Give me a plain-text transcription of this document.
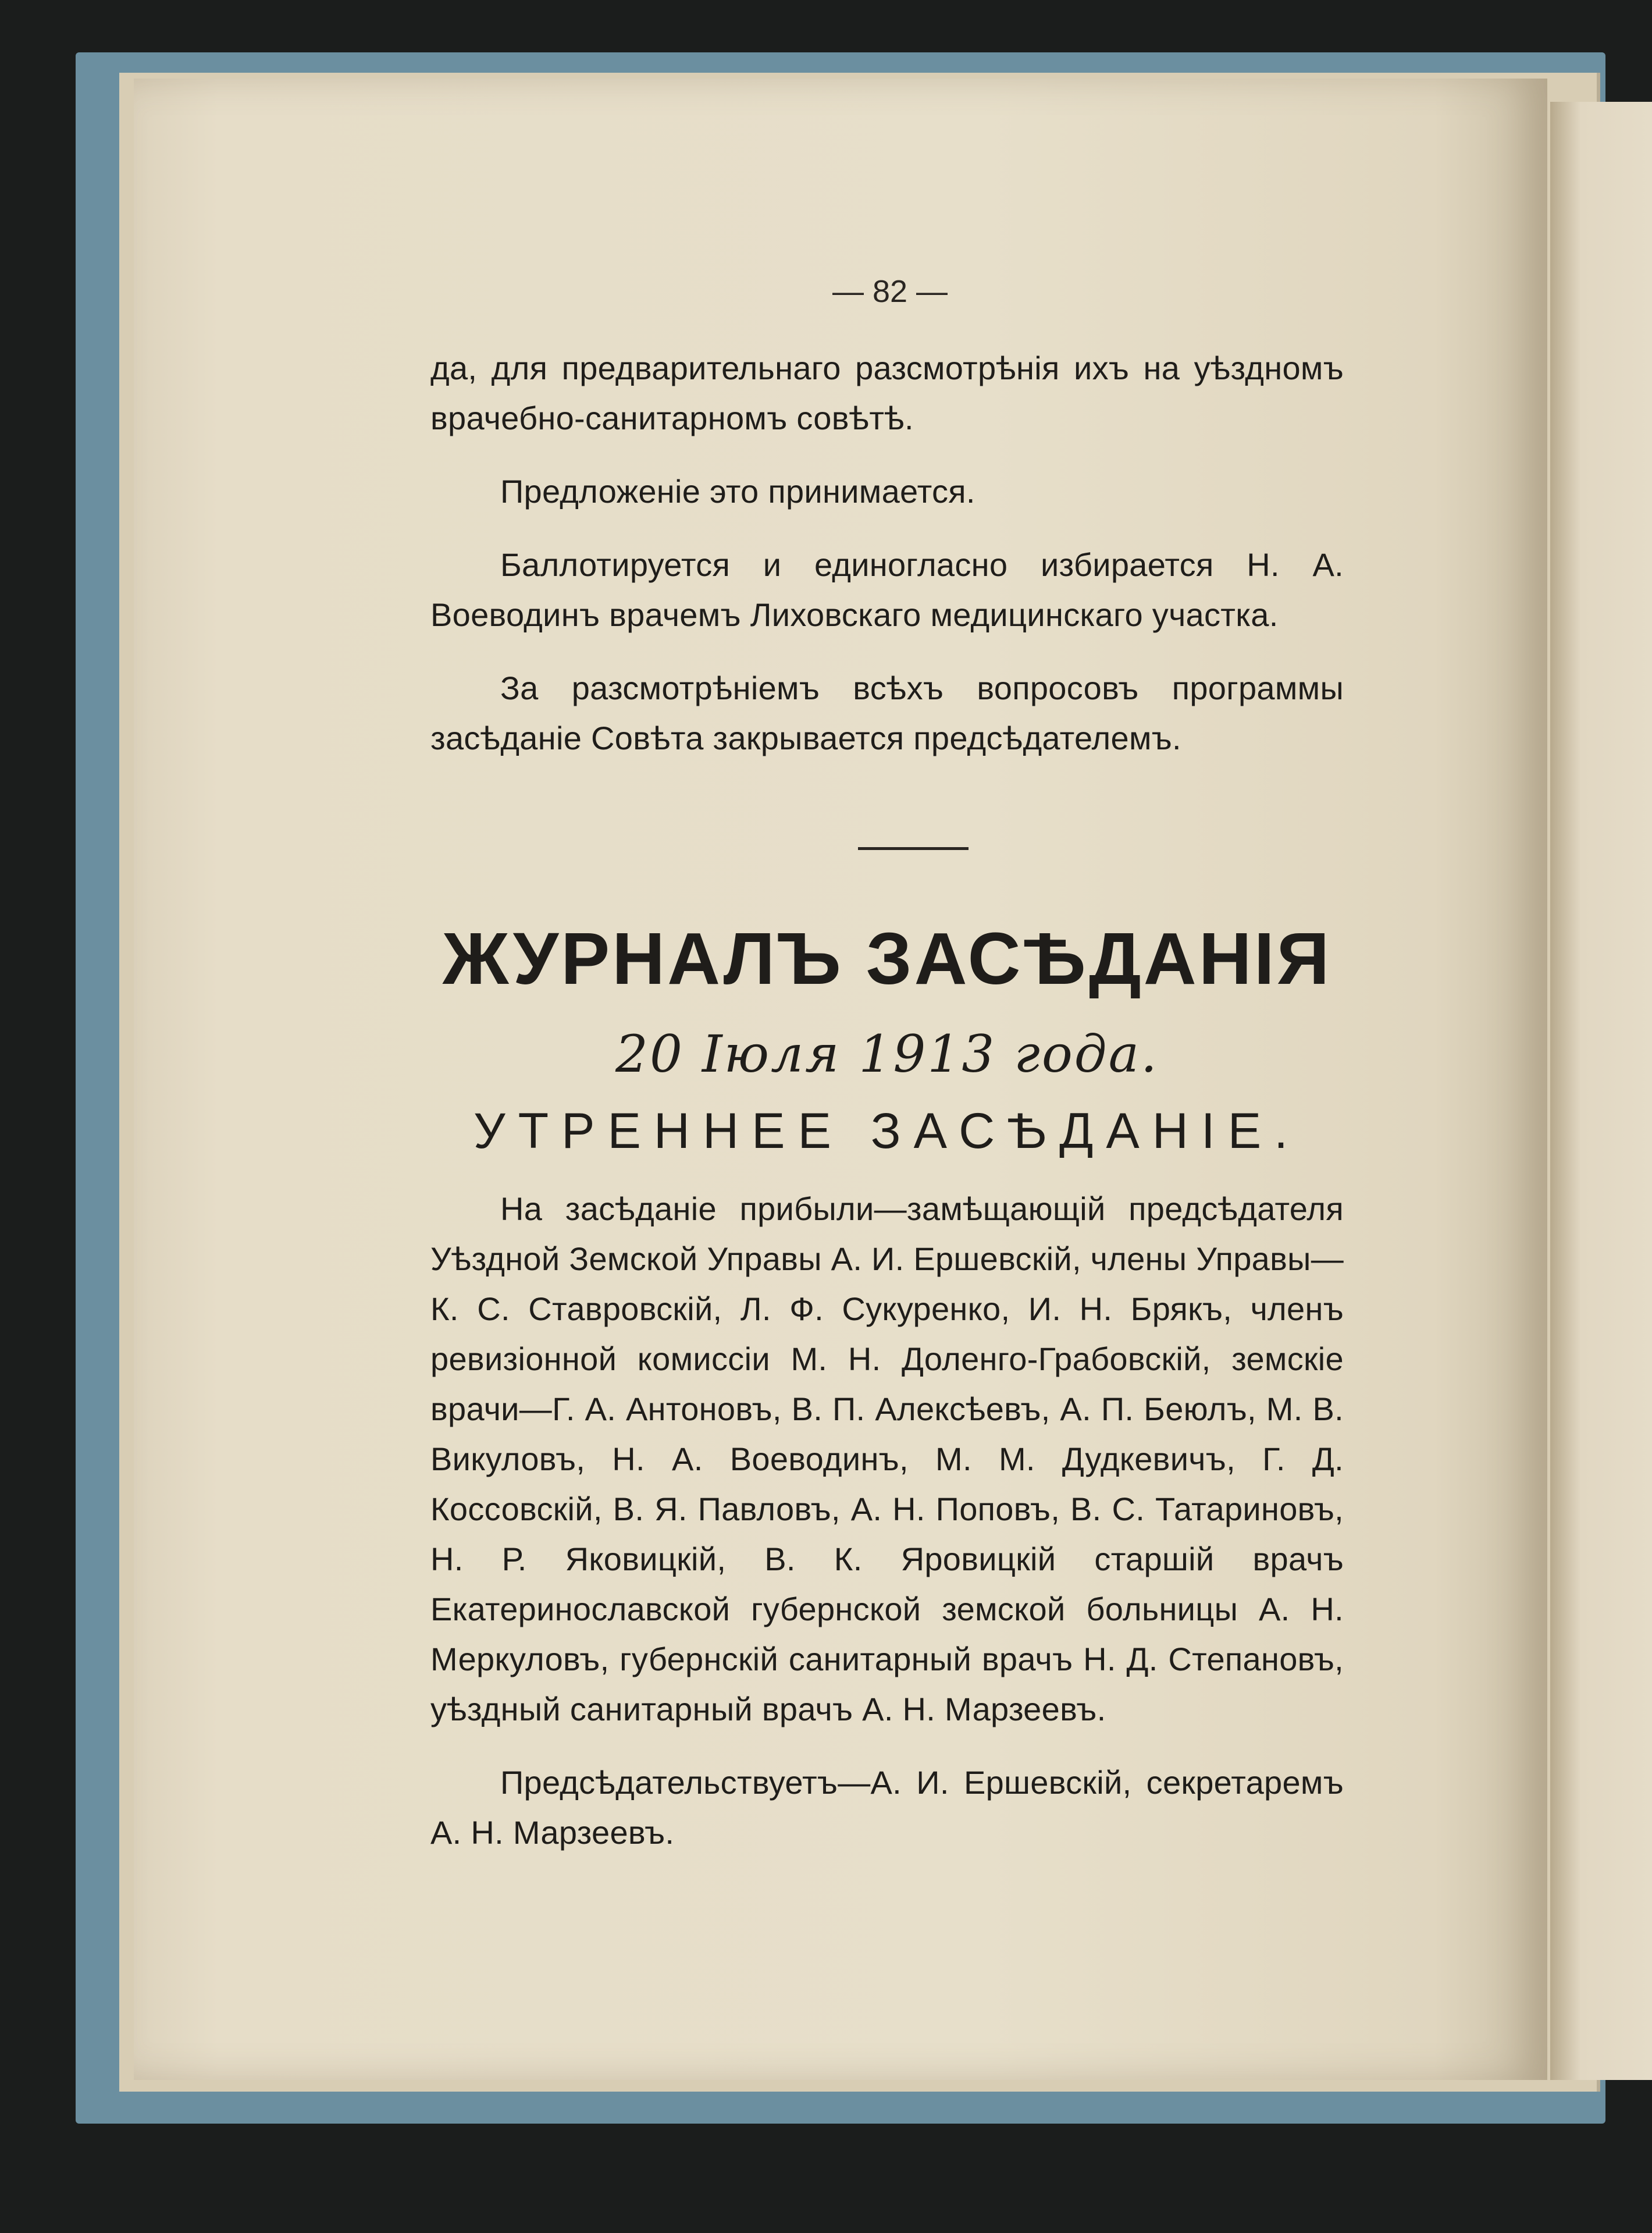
— 82 —

да, для предварительнаго разсмотрѣнія ихъ на уѣздномъ врачебно-санитарномъ совѣтѣ.

Предложеніе это принимается.

Баллотируется и единогласно избирается Н. А. Воеводинъ врачемъ Лиховскаго медицинскаго участка.

За разсмотрѣніемъ всѣхъ вопросовъ программы засѣданіе Совѣта закрывается предсѣдателемъ.

ЖУРНАЛЪ ЗАСѢДАНІЯ
20 Іюля 1913 года.
УТРЕННЕЕ ЗАСѢДАНІЕ.

На засѣданіе прибыли—замѣщающій предсѣдателя Уѣздной Земской Управы А. И. Ершевскій, члены Управы—К. С. Ставровскій, Л. Ф. Сукуренко, И. Н. Брякъ, членъ ревизіонной комиссіи М. Н. Доленго-Грабовскій, земскіе врачи—Г. А. Антоновъ, В. П. Алексѣевъ, А. П. Беюлъ, М. В. Викуловъ, Н. А. Воеводинъ, М. М. Дудкевичъ, Г. Д. Коссовскій, В. Я. Павловъ, А. Н. Поповъ, В. С. Татариновъ, Н. Р. Яковицкій, В. К. Яровицкій старшій врачъ Екатеринославской губернской земской больницы А. Н. Меркуловъ, губернскій санитарный врачъ Н. Д. Степановъ, уѣздный санитарный врачъ А. Н. Марзеевъ.

Предсѣдательствуетъ—А. И. Ершевскій, секретаремъ А. Н. Марзеевъ.
